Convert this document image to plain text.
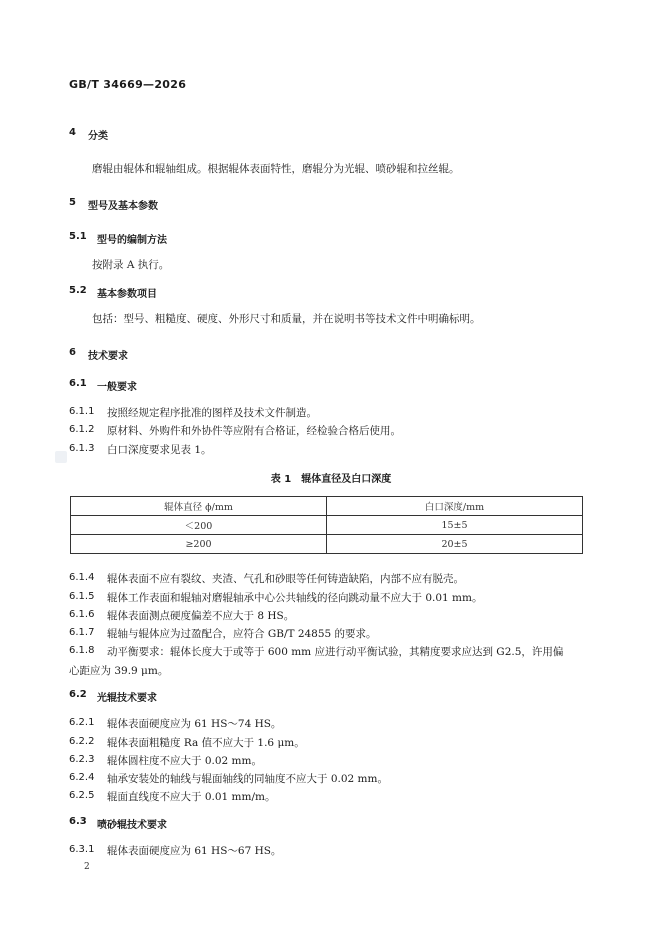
GB/T 34669—2026
4 分类
磨辊由辊体和辊轴组成。根据辊体表面特性，磨辊分为光辊、喷砂辊和拉丝辊。
5 型号及基本参数
5.1 型号的编制方法
按附录 A 执行。
5.2 基本参数项目
包括：型号、粗糙度、硬度、外形尺寸和质量，并在说明书等技术文件中明确标明。
6 技术要求
6.1 一般要求
6.1.1 按照经规定程序批准的图样及技术文件制造。
6.1.2 原材料、外购件和外协件等应附有合格证，经检验合格后使用。
6.1.3 白口深度要求见表 1。
表 1　辊体直径及白口深度
辊体直径 ϕ/mm	白口深度/mm
＜200	15±5
≥200	20±5
6.1.4 辊体表面不应有裂纹、夹渣、气孔和砂眼等任何铸造缺陷，内部不应有脱壳。
6.1.5 辊体工作表面和辊轴对磨辊轴承中心公共轴线的径向跳动量不应大于 0.01 mm。
6.1.6 辊体表面测点硬度偏差不应大于 8 HS。
6.1.7 辊轴与辊体应为过盈配合，应符合 GB/T 24855 的要求。
6.1.8 动平衡要求：辊体长度大于或等于 600 mm 应进行动平衡试验，其精度要求应达到 G2.5，许用偏
心距应为 39.9 μm。
6.2 光辊技术要求
6.2.1 辊体表面硬度应为 61 HS～74 HS。
6.2.2 辊体表面粗糙度 Ra 值不应大于 1.6 μm。
6.2.3 辊体圆柱度不应大于 0.02 mm。
6.2.4 轴承安装处的轴线与辊面轴线的同轴度不应大于 0.02 mm。
6.2.5 辊面直线度不应大于 0.01 mm/m。
6.3 喷砂辊技术要求
6.3.1 辊体表面硬度应为 61 HS～67 HS。
2
